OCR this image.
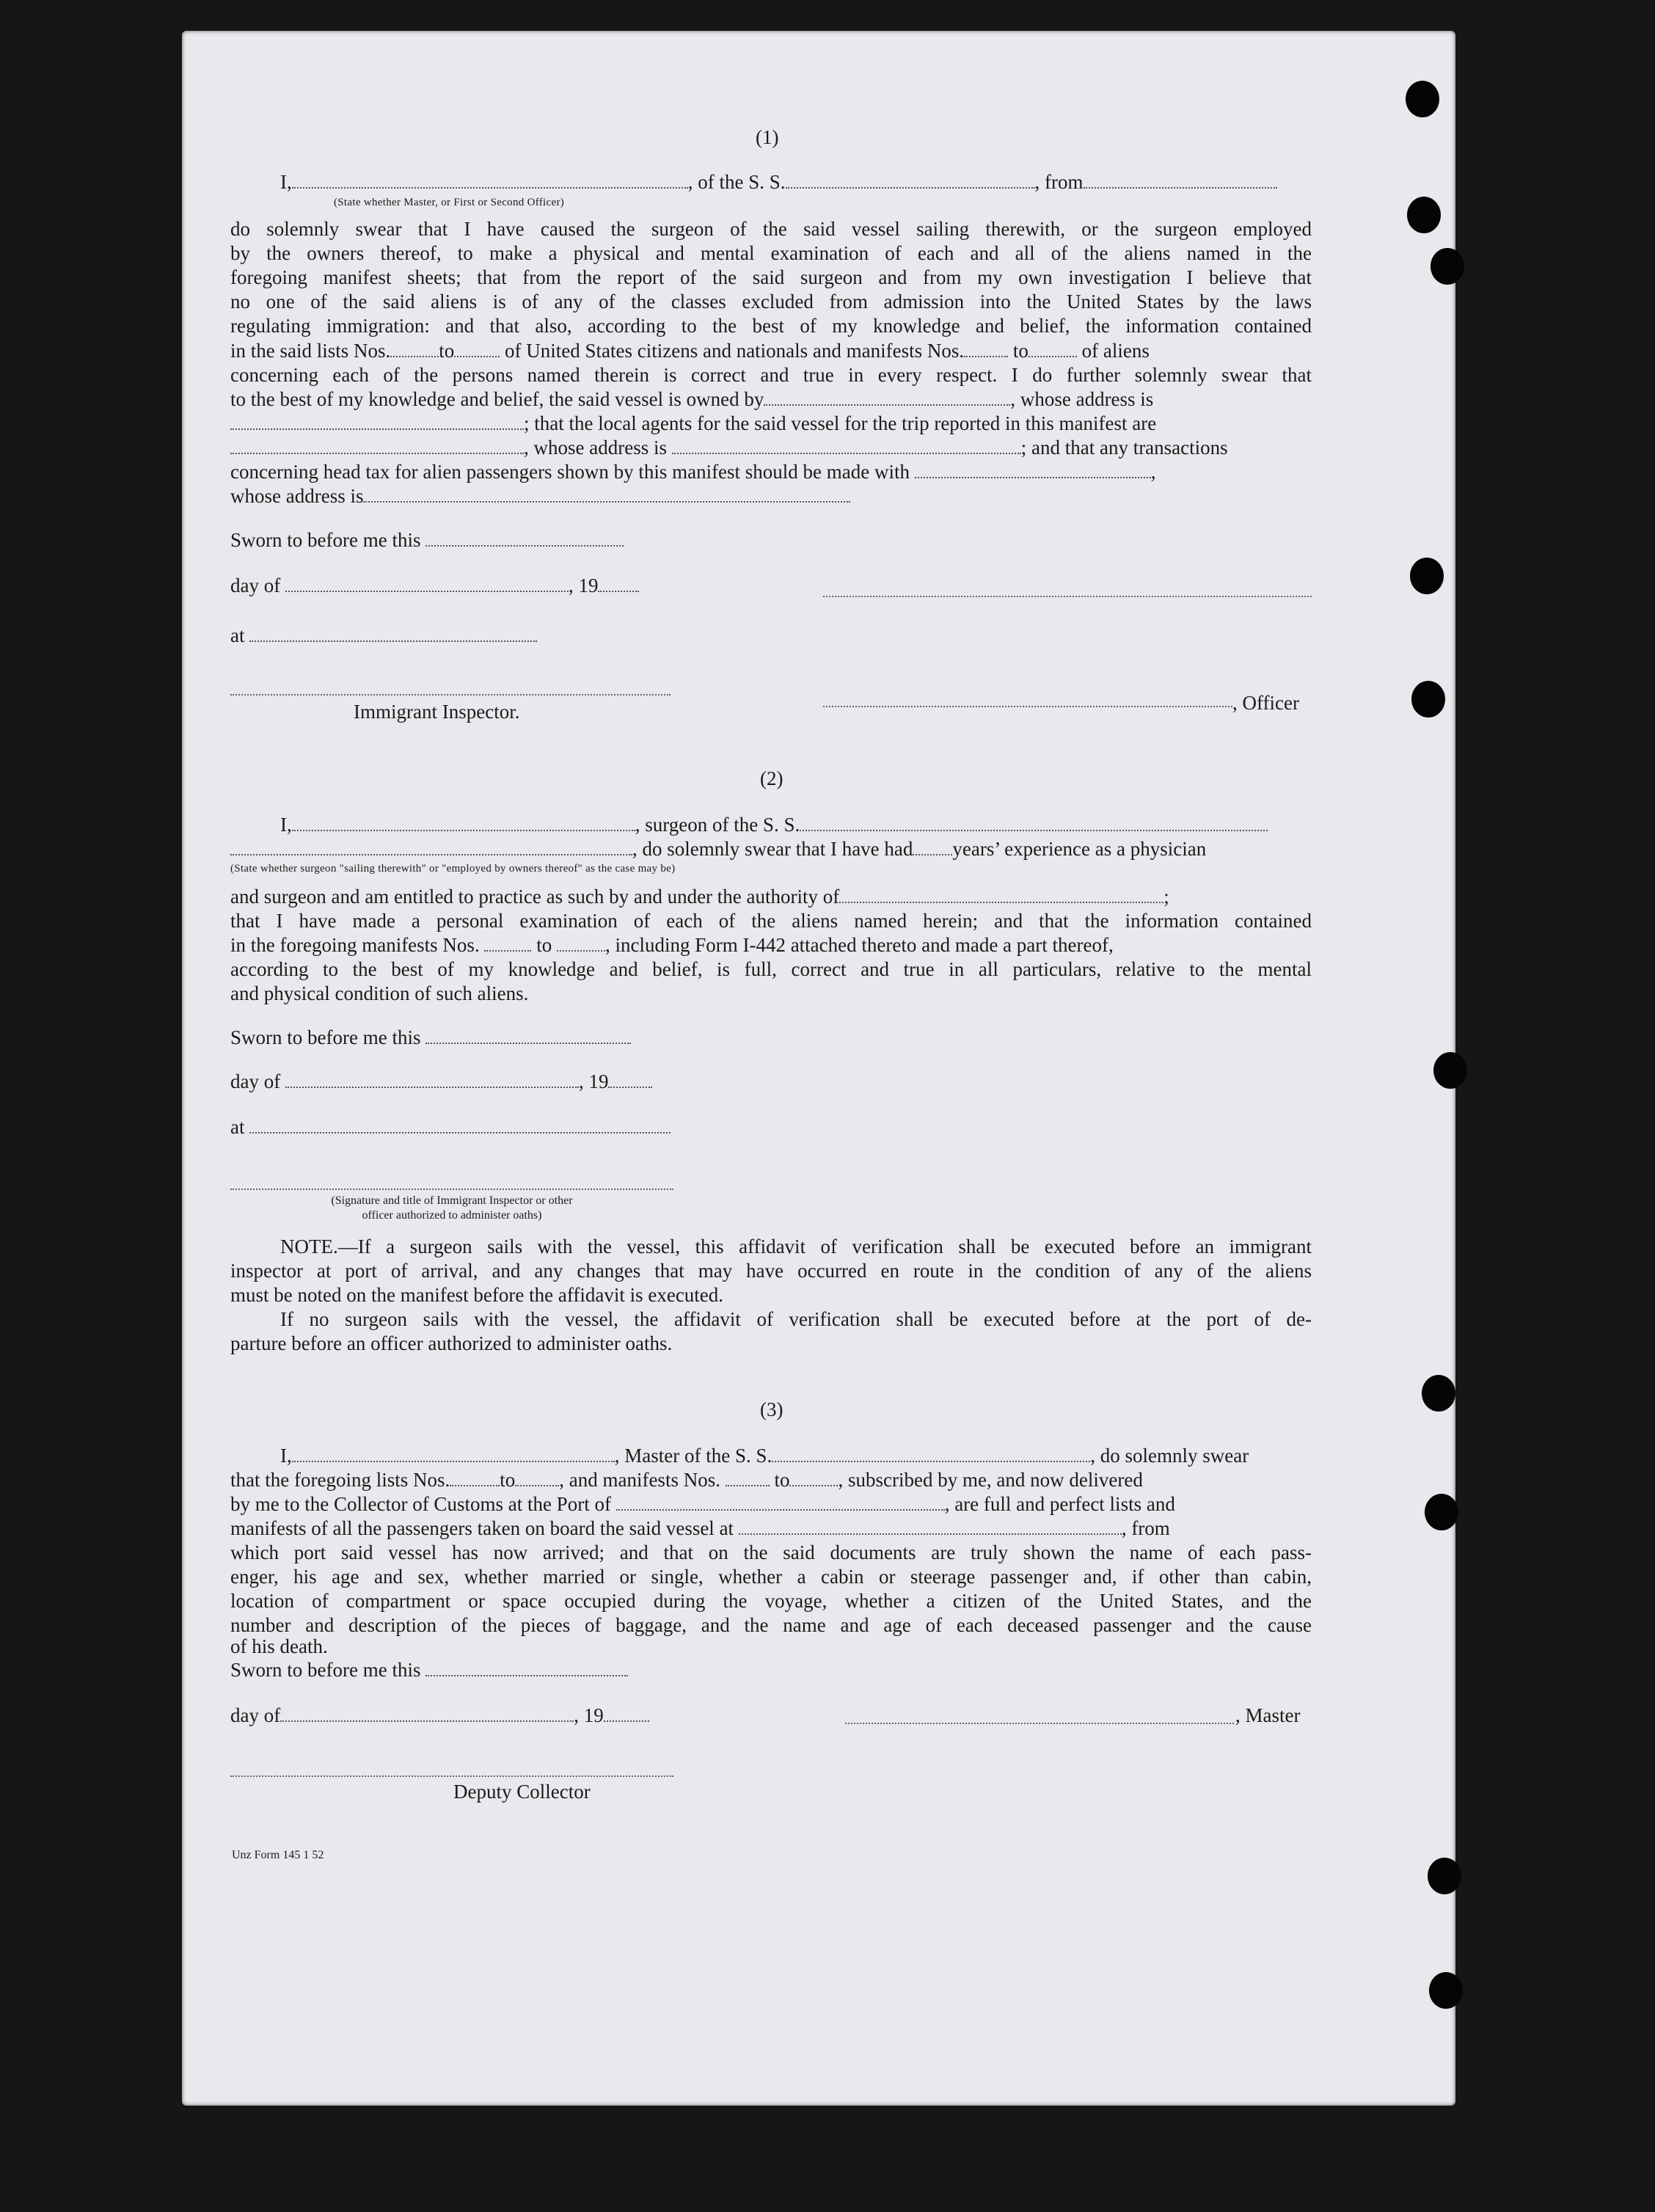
(1)
I,	, of the S. S.	, from
(State whether Master, or First or Second Officer)
do solemnly swear that I have caused the surgeon of the said vessel sailing therewith, or the surgeon employed
by the owners thereof, to make a physical and mental examination of each and all of the aliens named in the
foregoing manifest sheets; that from the report of the said surgeon and from my own investigation I believe that
no one of the said aliens is of any of the classes excluded from admission into the United States by the laws
regulating immigration: and that also, according to the best of my knowledge and belief, the information contained
in the said lists Nos. to	of United States citizens and nationals and manifests Nos. to	of aliens
concerning each of the persons named therein is correct and true in every respect. I do further solemnly swear that
to the best of my knowledge and belief, the said vessel is owned by	, whose address is
; that the local agents for the said vessel for the trip reported in this manifest are
, whose address is	; and that any transactions
concerning head tax for alien passengers shown by this manifest should be made with	,
whose address is
Sworn to before me this
day of	, 19
at
, Officer
Immigrant Inspector.
(2)
I,	, surgeon of the S. S.
, do solemnly swear that I have had years’ experience as a physician
(State whether surgeon "sailing therewith" or "employed by owners thereof" as the case may be)
and surgeon and am entitled to practice as such by and under the authority of	;
that I have made a personal examination of each of the aliens named herein; and that the information contained
in the foregoing manifests Nos.	to	, including Form I-442 attached thereto and made a part thereof,
according to the best of my knowledge and belief, is full, correct and true in all particulars, relative to the mental
and physical condition of such aliens.
Sworn to before me this
day of	, 19
at
(Signature and title of Immigrant Inspector or other
officer authorized to administer oaths)
NOTE.—If a surgeon sails with the vessel, this affidavit of verification shall be executed before an immigrant
inspector at port of arrival, and any changes that may have occurred en route in the condition of any of the aliens
must be noted on the manifest before the affidavit is executed.
If no surgeon sails with the vessel, the affidavit of verification shall be executed before at the port of de-
parture before an officer authorized to administer oaths.
(3)
I,	, Master of the S. S.	, do solemnly swear
that the foregoing lists Nos.	to , and manifests Nos.	to , subscribed by me, and now delivered
by me to the Collector of Customs at the Port of	, are full and perfect lists and
manifests of all the passengers taken on board the said vessel at	, from
which port said vessel has now arrived; and that on the said documents are truly shown the name of each pass-
enger, his age and sex, whether married or single, whether a cabin or steerage passenger and, if other than cabin,
location of compartment or space occupied during the voyage, whether a citizen of the United States, and the
number and description of the pieces of baggage, and the name and age of each deceased passenger and the cause
of his death.
Sworn to before me this
day of	, 19	, Master
Deputy Collector
Unz Form 145 1 52
